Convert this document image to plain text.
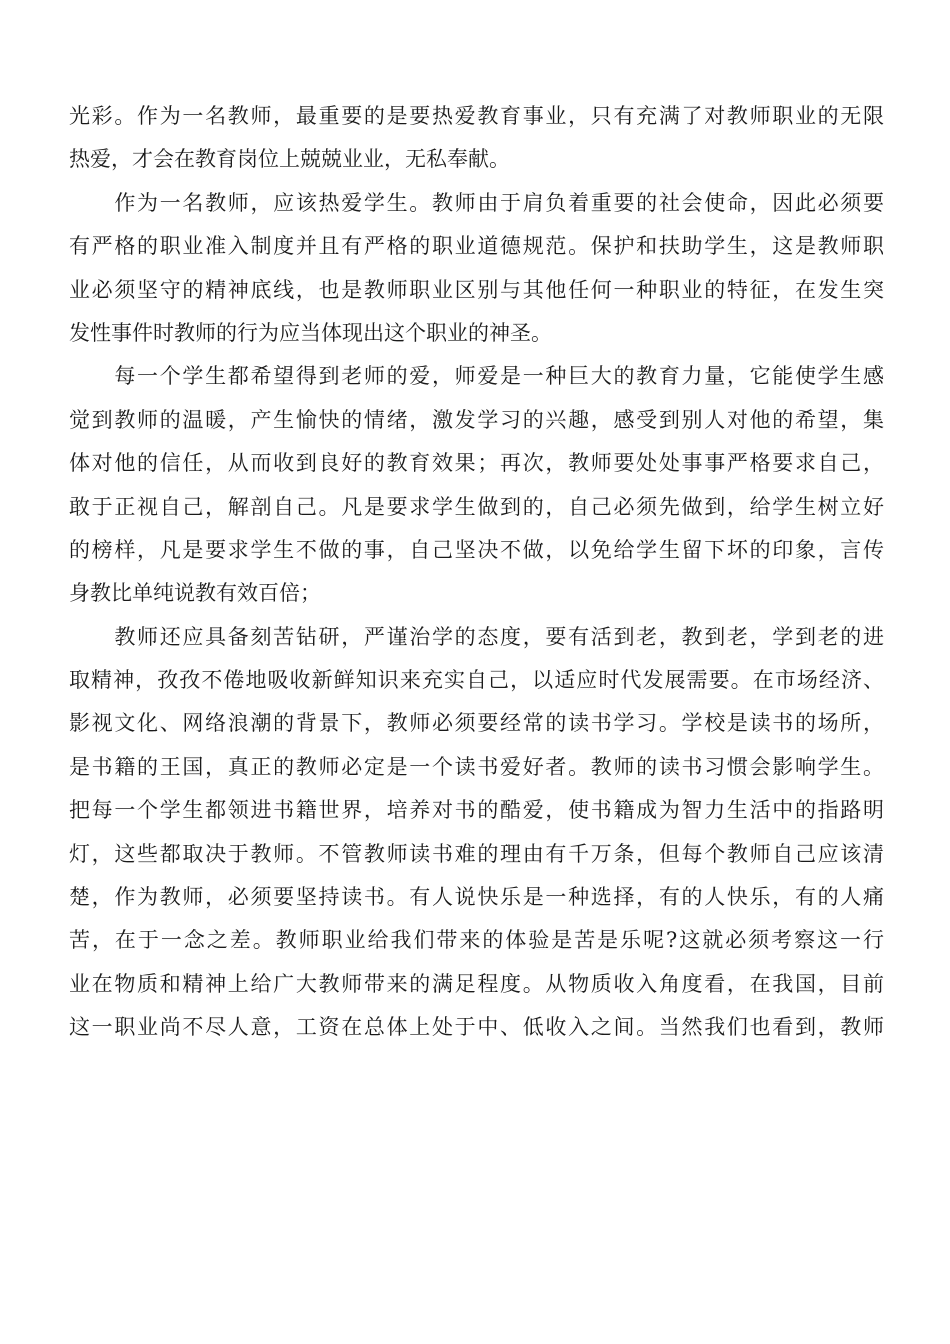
光彩。作为一名教师，最重要的是要热爱教育事业，只有充满了对教师职业的无限
热爱，才会在教育岗位上兢兢业业，无私奉献。
　　作为一名教师，应该热爱学生。教师由于肩负着重要的社会使命，因此必须要
有严格的职业准入制度并且有严格的职业道德规范。保护和扶助学生，这是教师职
业必须坚守的精神底线，也是教师职业区别与其他任何一种职业的特征，在发生突
发性事件时教师的行为应当体现出这个职业的神圣。
　　每一个学生都希望得到老师的爱，师爱是一种巨大的教育力量，它能使学生感
觉到教师的温暖，产生愉快的情绪，激发学习的兴趣，感受到别人对他的希望，集
体对他的信任，从而收到良好的教育效果；再次，教师要处处事事严格要求自己，
敢于正视自己，解剖自己。凡是要求学生做到的，自己必须先做到，给学生树立好
的榜样，凡是要求学生不做的事，自己坚决不做，以免给学生留下坏的印象，言传
身教比单纯说教有效百倍；
　　教师还应具备刻苦钻研，严谨治学的态度，要有活到老，教到老，学到老的进
取精神，孜孜不倦地吸收新鲜知识来充实自己，以适应时代发展需要。在市场经济、
影视文化、网络浪潮的背景下，教师必须要经常的读书学习。学校是读书的场所，
是书籍的王国，真正的教师必定是一个读书爱好者。教师的读书习惯会影响学生。
把每一个学生都领进书籍世界，培养对书的酷爱，使书籍成为智力生活中的指路明
灯，这些都取决于教师。不管教师读书难的理由有千万条，但每个教师自己应该清
楚，作为教师，必须要坚持读书。有人说快乐是一种选择，有的人快乐，有的人痛
苦，在于一念之差。教师职业给我们带来的体验是苦是乐呢?这就必须考察这一行
业在物质和精神上给广大教师带来的满足程度。从物质收入角度看，在我国，目前
这一职业尚不尽人意，工资在总体上处于中、低收入之间。当然我们也看到，教师
